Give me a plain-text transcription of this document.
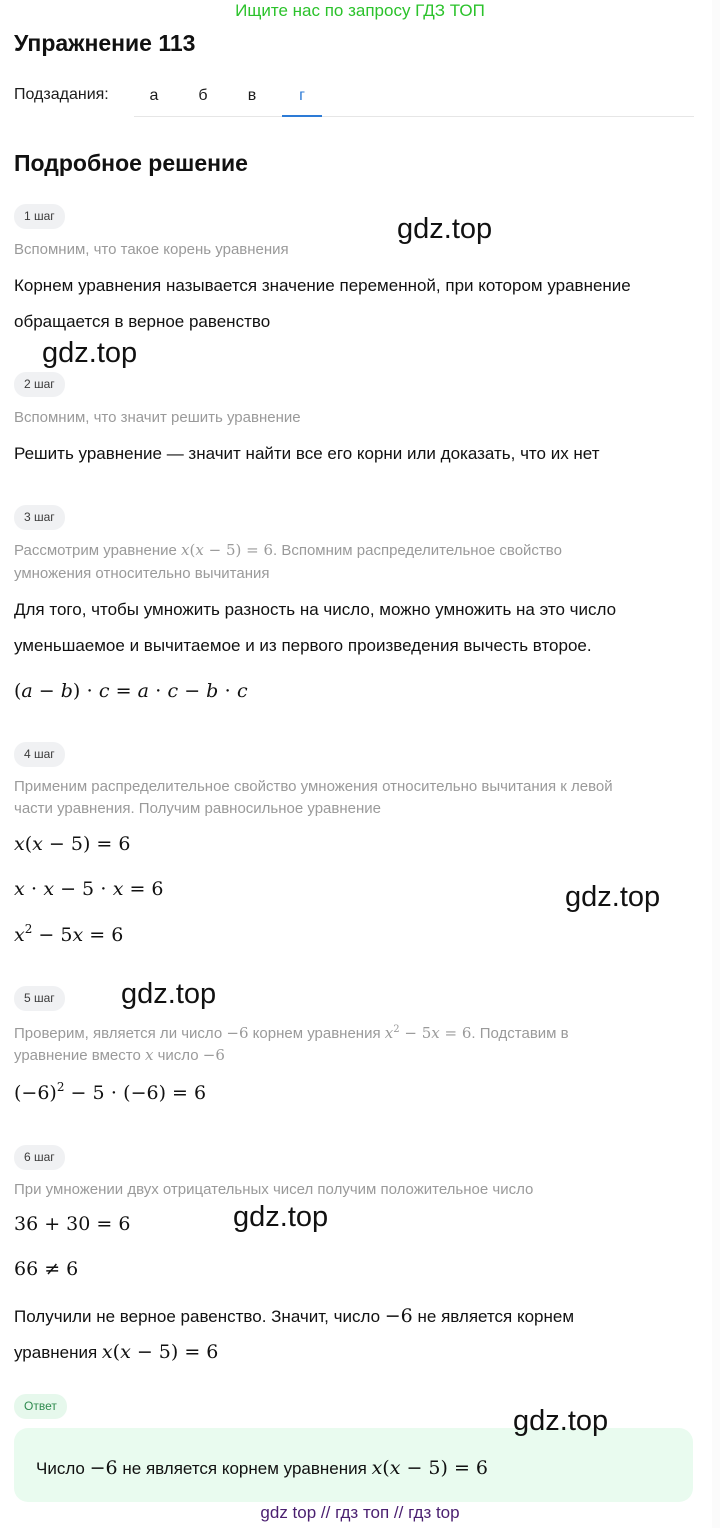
Ищите нас по запросу ГДЗ ТОП
Упражнение 113
Подзадания:	а	б	в	г
Подробное решение
1 шаг
Вспомним, что такое корень уравнения
Корнем уравнения называется значение переменной, при котором уравнение
обращается в верное равенство
2 шаг
Вспомним, что значит решить уравнение
Решить уравнение — значит найти все его корни или доказать, что их нет
3 шаг
Рассмотрим уравнение x(x − 5) = 6. Вспомним распределительное свойство
умножения относительно вычитания
Для того, чтобы умножить разность на число, можно умножить на это число
уменьшаемое и вычитаемое и из первого произведения вычесть второе.
(a − b) ⋅ c = a ⋅ c − b ⋅ c
4 шаг
Применим распределительное свойство умножения относительно вычитания к левой
части уравнения. Получим равносильное уравнение
x(x − 5) = 6
x ⋅ x − 5 ⋅ x = 6
$x^2 - 5x = 6$
5 шаг
Проверим, является ли число −6 корнем уравнения $x^2 - 5x = 6$. Подставим в
уравнение вместо x число −6
$(-6)^2 - 5 \cdot (-6) = 6$
6 шаг
При умножении двух отрицательных чисел получим положительное число
36 + 30 = 6
66 ≠ 6
Получили не верное равенство. Значит, число −6 не является корнем
уравнения x(x − 5) = 6
Ответ
Число −6 не является корнем уравнения x(x − 5) = 6
gdz.top
gdz.top
gdz.top
gdz.top
gdz.top
gdz.top
gdz top // гдз топ // гдз top
